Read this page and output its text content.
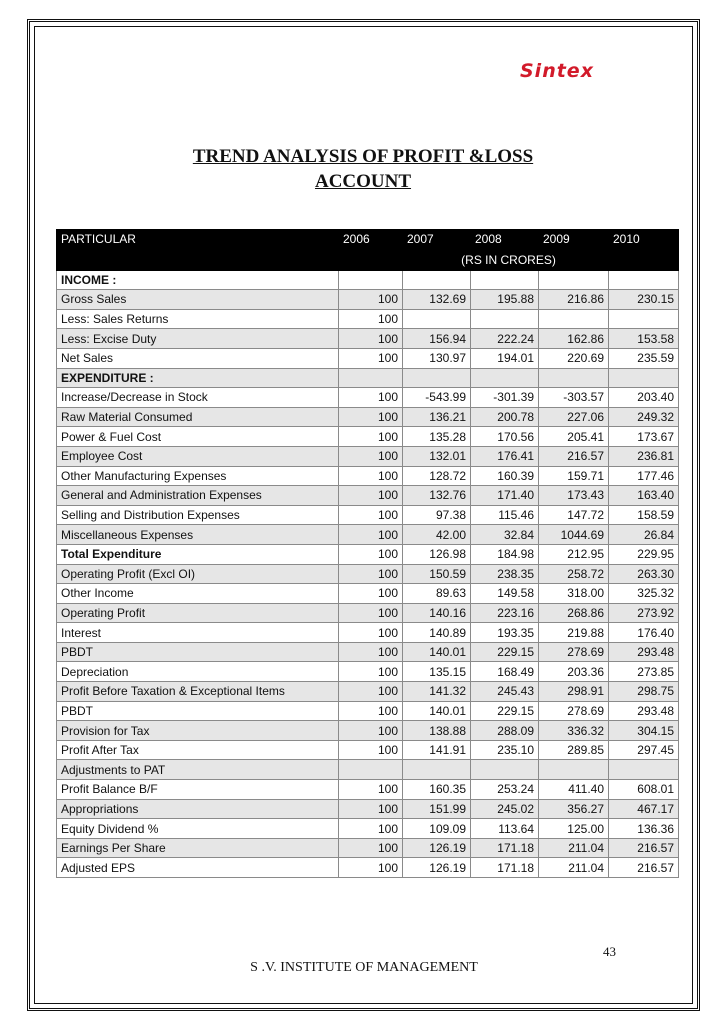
Sintex
TREND ANALYSIS OF PROFIT &LOSS
ACCOUNT
PARTICULAR	2006	2007	2008	2009	2010
	(RS IN CRORES)				
INCOME :					
Gross Sales	100	132.69	195.88	216.86	230.15
Less: Sales Returns	100				
Less: Excise Duty	100	156.94	222.24	162.86	153.58
Net Sales	100	130.97	194.01	220.69	235.59
EXPENDITURE :					
Increase/Decrease in Stock	100	-543.99	-301.39	-303.57	203.40
Raw Material Consumed	100	136.21	200.78	227.06	249.32
Power & Fuel Cost	100	135.28	170.56	205.41	173.67
Employee Cost	100	132.01	176.41	216.57	236.81
Other Manufacturing Expenses	100	128.72	160.39	159.71	177.46
General and Administration Expenses	100	132.76	171.40	173.43	163.40
Selling and Distribution Expenses	100	97.38	115.46	147.72	158.59
Miscellaneous Expenses	100	42.00	32.84	1044.69	26.84
Total Expenditure	100	126.98	184.98	212.95	229.95
Operating Profit (Excl OI)	100	150.59	238.35	258.72	263.30
Other Income	100	89.63	149.58	318.00	325.32
Operating Profit	100	140.16	223.16	268.86	273.92
Interest	100	140.89	193.35	219.88	176.40
PBDT	100	140.01	229.15	278.69	293.48
Depreciation	100	135.15	168.49	203.36	273.85
Profit Before Taxation & Exceptional Items	100	141.32	245.43	298.91	298.75
PBDT	100	140.01	229.15	278.69	293.48
Provision for Tax	100	138.88	288.09	336.32	304.15
Profit After Tax	100	141.91	235.10	289.85	297.45
Adjustments to PAT					
Profit Balance B/F	100	160.35	253.24	411.40	608.01
Appropriations	100	151.99	245.02	356.27	467.17
Equity Dividend %	100	109.09	113.64	125.00	136.36
Earnings Per Share	100	126.19	171.18	211.04	216.57
Adjusted EPS	100	126.19	171.18	211.04	216.57
43
S .V. INSTITUTE OF MANAGEMENT
